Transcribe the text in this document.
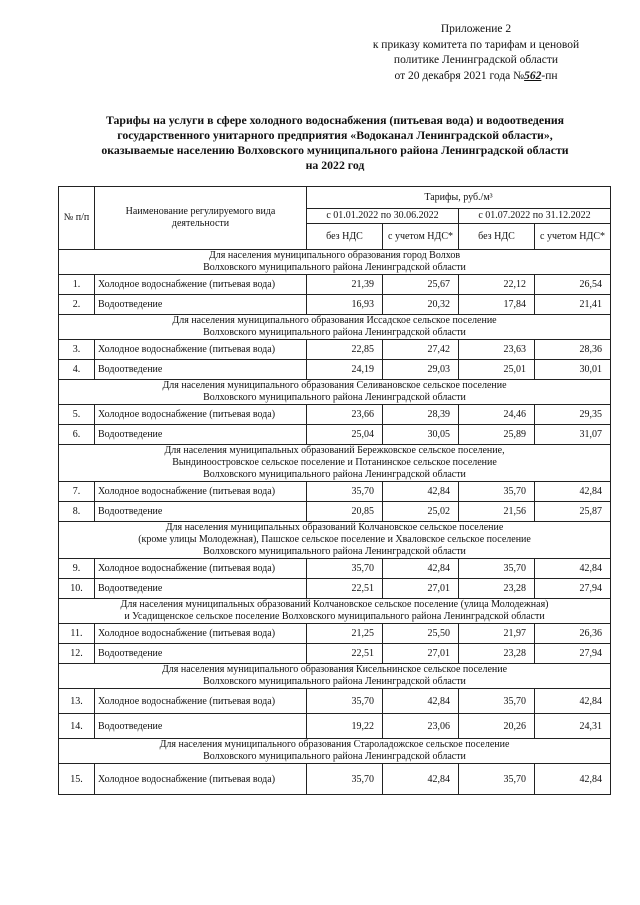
Приложение 2
к приказу комитета по тарифам и ценовой
политике Ленинградской области
от 20 декабря 2021 года №562-пн
Тарифы на услуги в сфере холодного водоснабжения (питьевая вода) и водоотведения
государственного унитарного предприятия «Водоканал Ленинградской области»,
оказываемые населению Волховского муниципального района Ленинградской области
на 2022 год
№ п/п	Наименование регулируемого вида деятельности	Тарифы, руб./м³			
		с 01.01.2022 по 30.06.2022		с 01.07.2022 по 31.12.2022	
		без НДС	с учетом НДС*	без НДС	с учетом НДС*

Для населения муниципального образования город Волхов
Волховского муниципального района Ленинградской области					

1.	Холодное водоснабжение (питьевая вода)	21,39	25,67	22,12	26,54
2.	Водоотведение	16,93	20,32	17,84	21,41

Для населения муниципального образования Иссадское сельское поселение
Волховского муниципального района Ленинградской области					

3.	Холодное водоснабжение (питьевая вода)	22,85	27,42	23,63	28,36
4.	Водоотведение	24,19	29,03	25,01	30,01

Для населения муниципального образования Селивановское сельское поселение
Волховского муниципального района Ленинградской области					

5.	Холодное водоснабжение (питьевая вода)	23,66	28,39	24,46	29,35
6.	Водоотведение	25,04	30,05	25,89	31,07

Для населения муниципальных образований Бережковское сельское поселение,
Вындиноостровское сельское поселение и Потанинское сельское поселение
Волховского муниципального района Ленинградской области					

7.	Холодное водоснабжение (питьевая вода)	35,70	42,84	35,70	42,84
8.	Водоотведение	20,85	25,02	21,56	25,87

Для населения муниципальных образований Колчановское сельское поселение
(кроме улицы Молодежная), Пашское сельское поселение и Хваловское сельское поселение
Волховского муниципального района Ленинградской области					

9.	Холодное водоснабжение (питьевая вода)	35,70	42,84	35,70	42,84
10.	Водоотведение	22,51	27,01	23,28	27,94

Для населения муниципальных образований Колчановское сельское поселение (улица Молодежная)
и Усадищенское сельское поселение Волховского муниципального района Ленинградской области					

11.	Холодное водоснабжение (питьевая вода)	21,25	25,50	21,97	26,36
12.	Водоотведение	22,51	27,01	23,28	27,94

Для населения муниципального образования Кисельнинское сельское поселение
Волховского муниципального района Ленинградской области					

13.	Холодное водоснабжение (питьевая вода)	35,70	42,84	35,70	42,84
14.	Водоотведение	19,22	23,06	20,26	24,31

Для населения муниципального образования Староладожское сельское поселение
Волховского муниципального района Ленинградской области					

15.	Холодное водоснабжение (питьевая вода)	35,70	42,84	35,70	42,84
